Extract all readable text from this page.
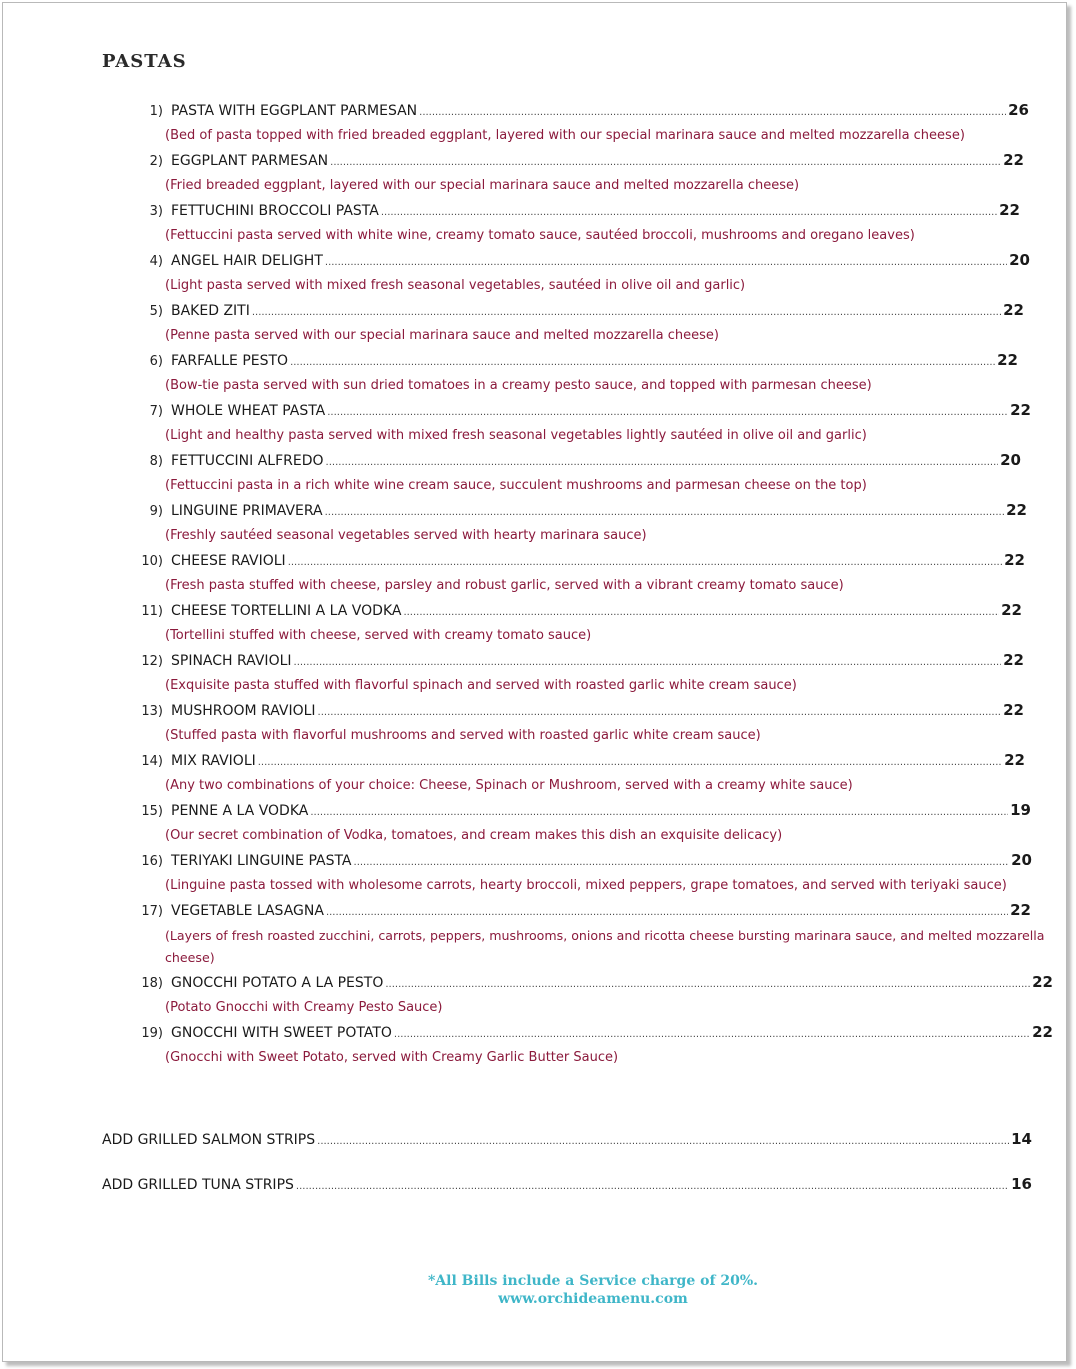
PASTAS
1) PASTA WITH EGGPLANT PARMESAN .....	26
(Bed of pasta topped with fried breaded eggplant, layered with our special marinara sauce and melted mozzarella cheese)
2) EGGPLANT PARMESAN .....	22
(Fried breaded eggplant, layered with our special marinara sauce and melted mozzarella cheese)
3) FETTUCHINI BROCCOLI PASTA .....	22
(Fettuccini pasta served with white wine, creamy tomato sauce, sautéed broccoli, mushrooms and oregano leaves)
4) ANGEL HAIR DELIGHT .....	20
(Light pasta served with mixed fresh seasonal vegetables, sautéed in olive oil and garlic)
5) BAKED ZITI .....	22
(Penne pasta served with our special marinara sauce and melted mozzarella cheese)
6) FARFALLE PESTO .....	22
(Bow-tie pasta served with sun dried tomatoes in a creamy pesto sauce, and topped with parmesan cheese)
7) WHOLE WHEAT PASTA .....	22
(Light and healthy pasta served with mixed fresh seasonal vegetables lightly sautéed in olive oil and garlic)
8) FETTUCCINI ALFREDO .....	20
(Fettuccini pasta in a rich white wine cream sauce, succulent mushrooms and parmesan cheese on the top)
9) LINGUINE PRIMAVERA .....	22
(Freshly sautéed seasonal vegetables served with hearty marinara sauce)
10) CHEESE RAVIOLI .....	22
(Fresh pasta stuffed with cheese, parsley and robust garlic, served with a vibrant creamy tomato sauce)
11) CHEESE TORTELLINI A LA VODKA .....	22
(Tortellini stuffed with cheese, served with creamy tomato sauce)
12) SPINACH RAVIOLI .....	22
(Exquisite pasta stuffed with flavorful spinach and served with roasted garlic white cream sauce)
13) MUSHROOM RAVIOLI .....	22
(Stuffed pasta with flavorful mushrooms and served with roasted garlic white cream sauce)
14) MIX RAVIOLI .....	22
(Any two combinations of your choice: Cheese, Spinach or Mushroom, served with a creamy white sauce)
15) PENNE A LA VODKA .....	19
(Our secret combination of Vodka, tomatoes, and cream makes this dish an exquisite delicacy)
16) TERIYAKI LINGUINE PASTA .....	20
(Linguine pasta tossed with wholesome carrots, hearty broccoli, mixed peppers, grape tomatoes, and served with teriyaki sauce)
17) VEGETABLE LASAGNA .....	22
(Layers of fresh roasted zucchini, carrots, peppers, mushrooms, onions and ricotta cheese bursting marinara sauce, and melted mozzarella cheese)
18) GNOCCHI POTATO A LA PESTO .....	22
(Potato Gnocchi with Creamy Pesto Sauce)
19) GNOCCHI WITH SWEET POTATO .....	22
(Gnocchi with Sweet Potato, served with Creamy Garlic Butter Sauce)
ADD GRILLED SALMON STRIPS .....	14
ADD GRILLED TUNA STRIPS .....	16
*All Bills include a Service charge of 20%.
www.orchideamenu.com
